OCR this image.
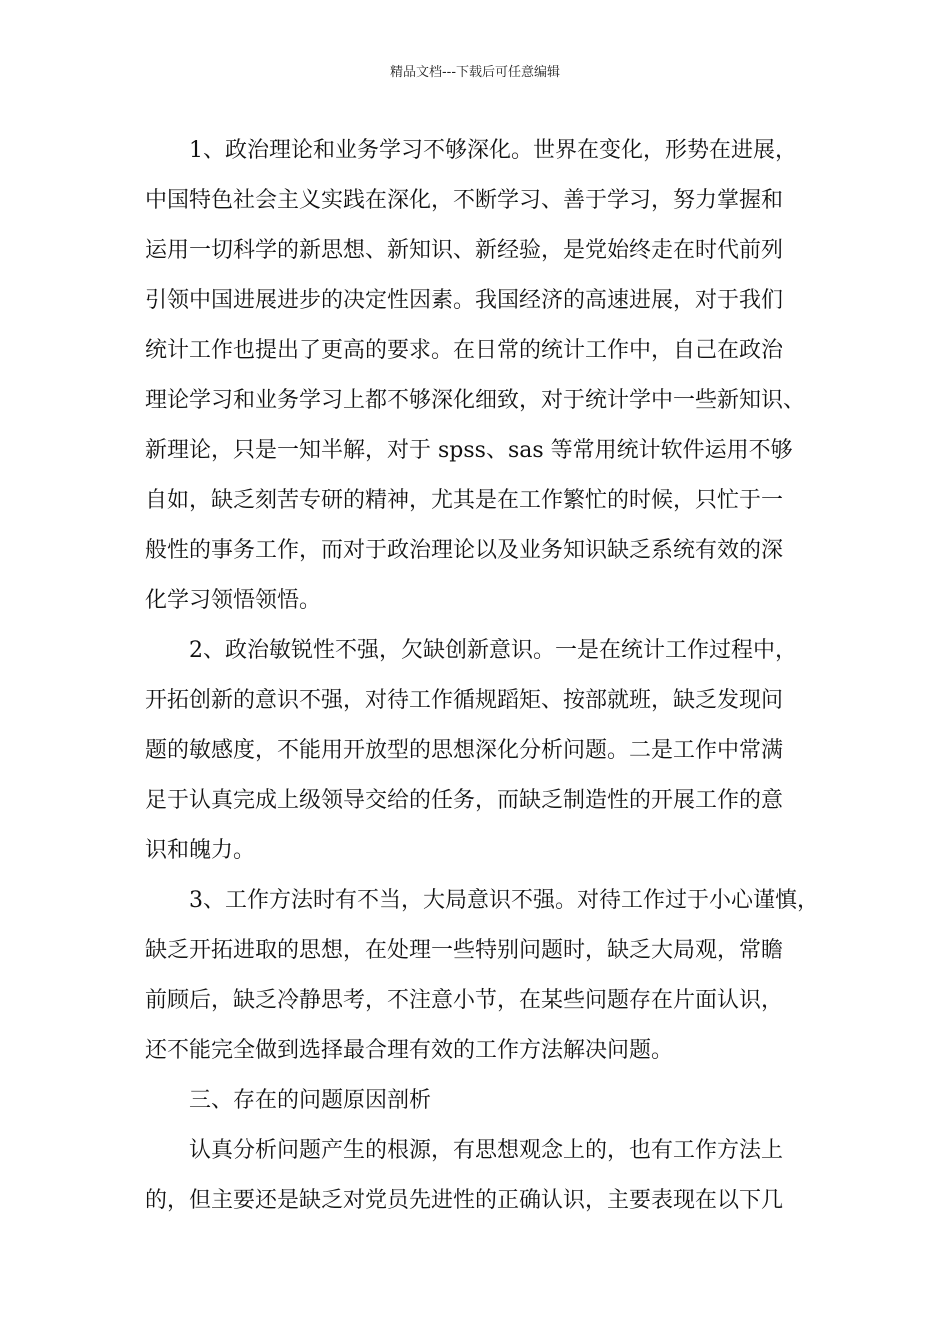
精品文档---下载后可任意编辑
1、政治理论和业务学习不够深化。世界在变化，形势在进展，
中国特色社会主义实践在深化，不断学习、善于学习，努力掌握和
运用一切科学的新思想、新知识、新经验，是党始终走在时代前列
引领中国进展进步的决定性因素。我国经济的高速进展，对于我们
统计工作也提出了更高的要求。在日常的统计工作中，自己在政治
理论学习和业务学习上都不够深化细致，对于统计学中一些新知识、
新理论，只是一知半解，对于 spss、sas 等常用统计软件运用不够
自如，缺乏刻苦专研的精神，尤其是在工作繁忙的时候，只忙于一
般性的事务工作，而对于政治理论以及业务知识缺乏系统有效的深
化学习领悟领悟。
2、政治敏锐性不强，欠缺创新意识。一是在统计工作过程中，
开拓创新的意识不强，对待工作循规蹈矩、按部就班，缺乏发现问
题的敏感度，不能用开放型的思想深化分析问题。二是工作中常满
足于认真完成上级领导交给的任务，而缺乏制造性的开展工作的意
识和魄力。
3、工作方法时有不当，大局意识不强。对待工作过于小心谨慎，
缺乏开拓进取的思想，在处理一些特别问题时，缺乏大局观，常瞻
前顾后，缺乏冷静思考，不注意小节，在某些问题存在片面认识，
还不能完全做到选择最合理有效的工作方法解决问题。
三、存在的问题原因剖析
认真分析问题产生的根源，有思想观念上的，也有工作方法上
的，但主要还是缺乏对党员先进性的正确认识，主要表现在以下几
